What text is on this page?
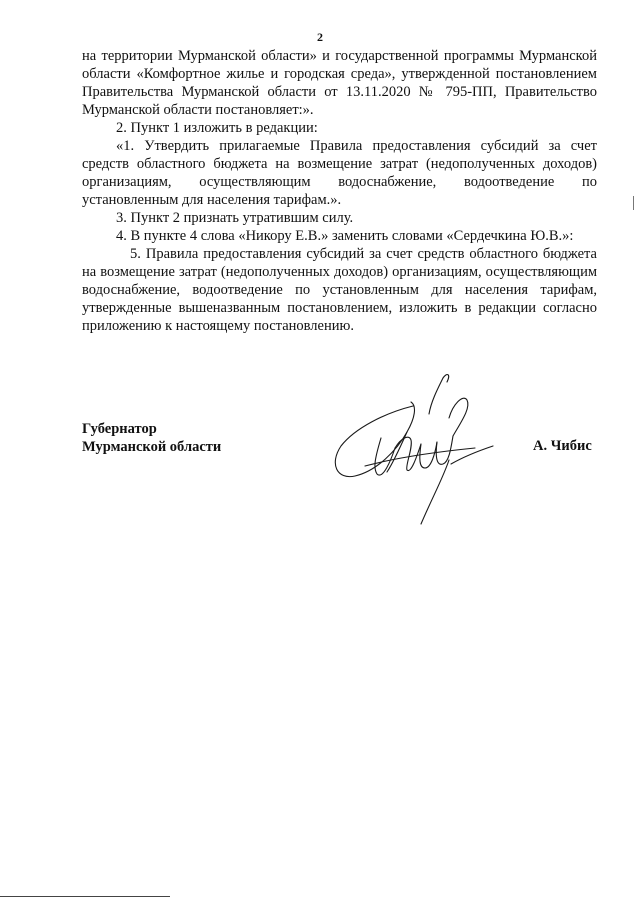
2

на территории Мурманской области» и государственной программы Мурманской области «Комфортное жилье и городская среда», утвержденной постановлением Правительства Мурманской области от 13.11.2020 № 795-ПП, Правительство Мурманской области постановляет:».

2. Пункт 1 изложить в редакции:

«1. Утвердить прилагаемые Правила предоставления субсидий за счет средств областного бюджета на возмещение затрат (недополученных доходов) организациям, осуществляющим водоснабжение, водоотведение по установленным для населения тарифам.».

3. Пункт 2 признать утратившим силу.

4. В пункте 4 слова «Никору Е.В.» заменить словами «Сердечкина Ю.В.»:

5. Правила предоставления субсидий за счет средств областного бюджета на возмещение затрат (недополученных доходов) организациям, осуществляющим водоснабжение, водоотведение по установленным для населения тарифам, утвержденные вышеназванным постановлением, изложить в редакции согласно приложению к настоящему постановлению.

Губернатор
Мурманской области	А. Чибис
